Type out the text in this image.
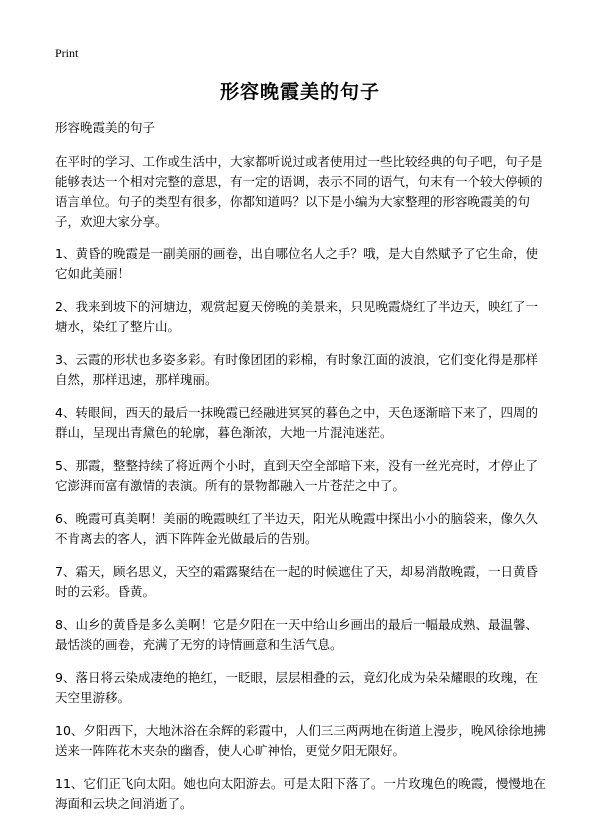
Print
形容晚霞美的句子

形容晚霞美的句子

在平时的学习、工作或生活中，大家都听说过或者使用过一些比较经典的句子吧，句子是能够表达一个相对完整的意思，有一定的语调，表示不同的语气，句末有一个较大停顿的语言单位。句子的类型有很多，你都知道吗？以下是小编为大家整理的形容晚霞美的句子，欢迎大家分享。

1、黄昏的晚霞是一副美丽的画卷，出自哪位名人之手？哦，是大自然赋予了它生命，使它如此美丽！

2、我来到坡下的河塘边，观赏起夏天傍晚的美景来，只见晚霞烧红了半边天，映红了一塘水，染红了整片山。

3、云霞的形状也多姿多彩。有时像团团的彩棉，有时象江面的波浪，它们变化得是那样自然，那样迅速，那样瑰丽。

4、转眼间，西天的最后一抹晚霞已经融进冥冥的暮色之中，天色逐渐暗下来了，四周的群山，呈现出青黛色的轮廓，暮色渐浓，大地一片混沌迷茫。

5、那霞，整整持续了将近两个小时，直到天空全部暗下来，没有一丝光亮时，才停止了它澎湃而富有激情的表演。所有的景物都融入一片苍茫之中了。

6、晚霞可真美啊！美丽的晚霞映红了半边天，阳光从晚霞中探出小小的脑袋来，像久久不肯离去的客人，洒下阵阵金光做最后的告别。

7、霜天，顾名思义，天空的霜露聚结在一起的时候遮住了天，却易消散晚霞，一日黄昏时的云彩。昏黄。

8、山乡的黄昏是多么美啊！它是夕阳在一天中给山乡画出的最后一幅最成熟、最温馨、最恬淡的画卷，充满了无穷的诗情画意和生活气息。

9、落日将云染成凄绝的艳红，一眨眼，层层相叠的云，竟幻化成为朵朵耀眼的玫瑰，在天空里游移。

10、夕阳西下，大地沐浴在余辉的彩霞中，人们三三两两地在街道上漫步，晚风徐徐地拂送来一阵阵花木夹杂的幽香，使人心旷神怡，更觉夕阳无限好。

11、它们正飞向太阳。她也向太阳游去。可是太阳下落了。一片玫瑰色的晚霞，慢慢地在海面和云块之间消逝了。
